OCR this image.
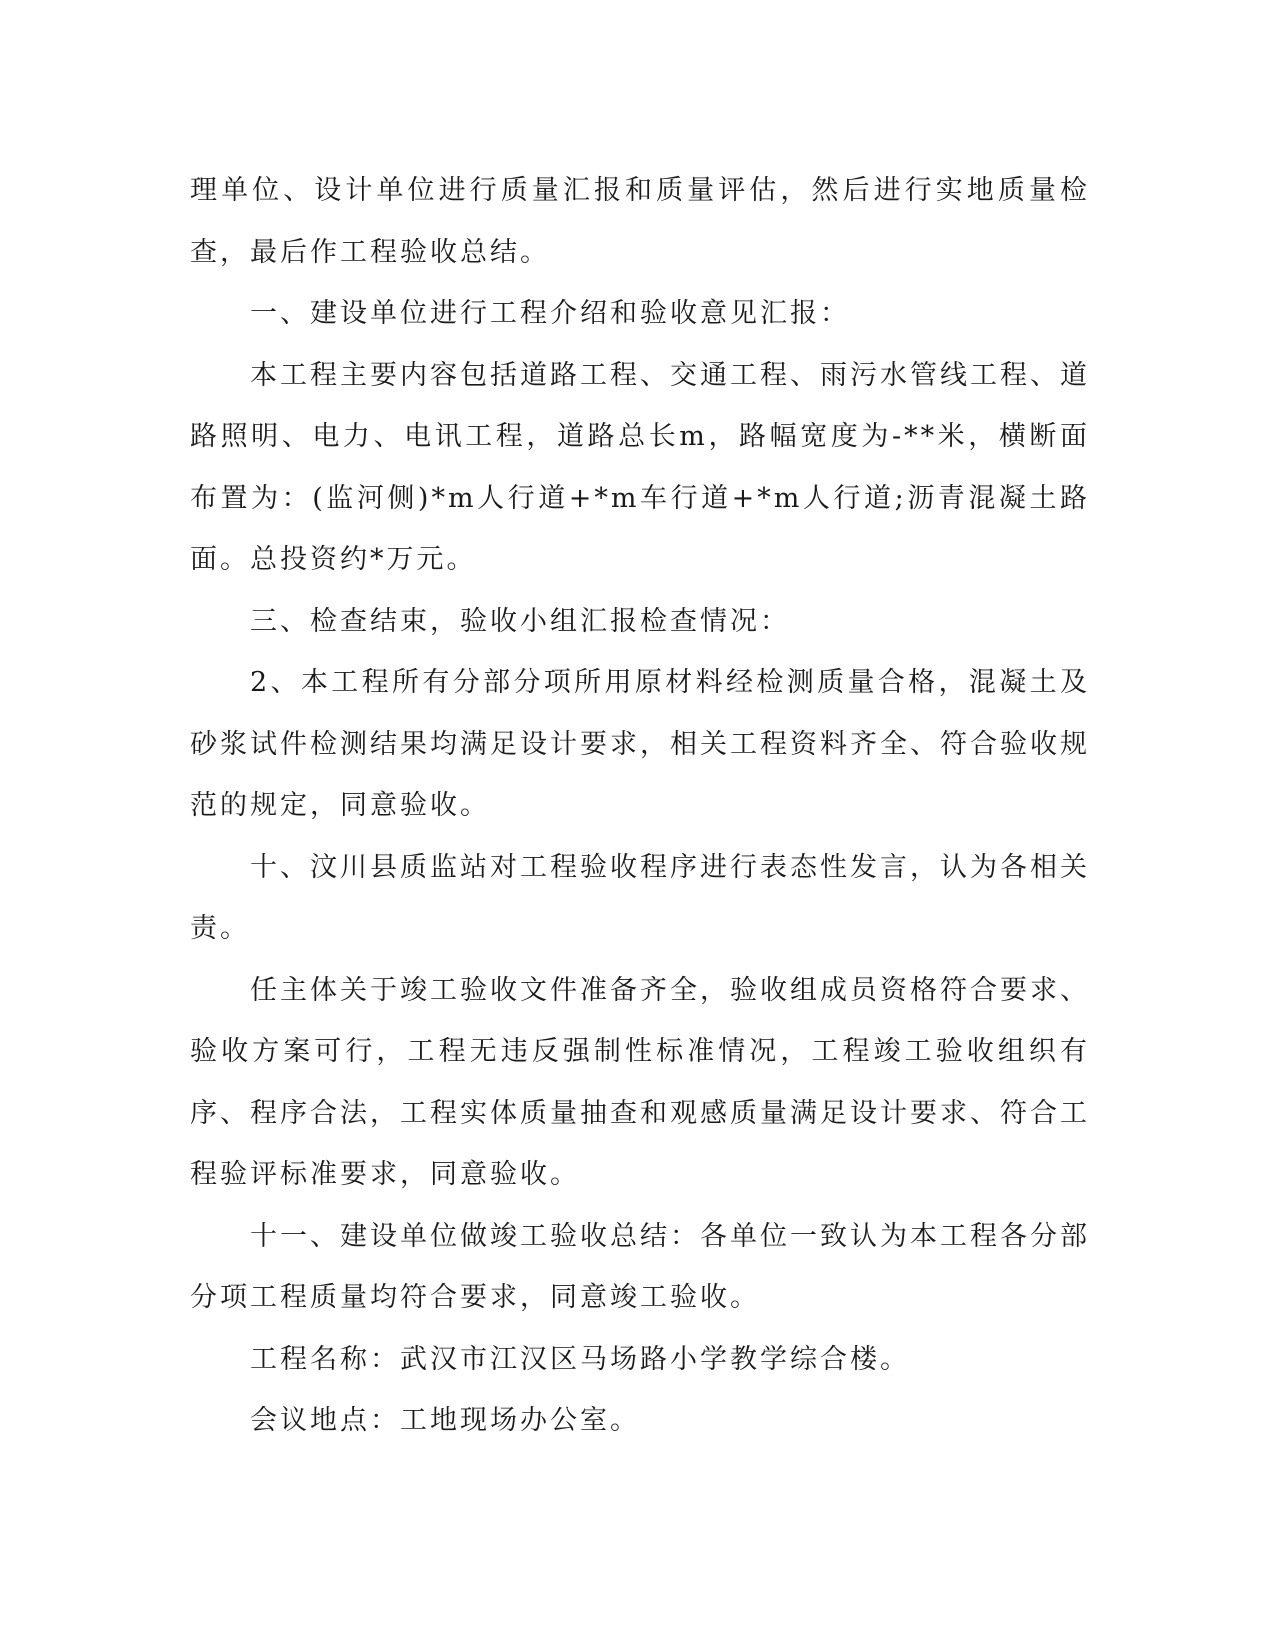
理单位、设计单位进行质量汇报和质量评估，然后进行实地质量检查，最后作工程验收总结。

一、建设单位进行工程介绍和验收意见汇报：

本工程主要内容包括道路工程、交通工程、雨污水管线工程、道路照明、电力、电讯工程，道路总长m，路幅宽度为-**米，横断面布置为：(监河侧)*m人行道+*m车行道+*m人行道;沥青混凝土路面。总投资约*万元。

三、检查结束，验收小组汇报检查情况：

2、本工程所有分部分项所用原材料经检测质量合格，混凝土及砂浆试件检测结果均满足设计要求，相关工程资料齐全、符合验收规范的规定，同意验收。

十、汶川县质监站对工程验收程序进行表态性发言，认为各相关责。

任主体关于竣工验收文件准备齐全，验收组成员资格符合要求、验收方案可行，工程无违反强制性标准情况，工程竣工验收组织有序、程序合法，工程实体质量抽查和观感质量满足设计要求、符合工程验评标准要求，同意验收。

十一、建设单位做竣工验收总结：各单位一致认为本工程各分部分项工程质量均符合要求，同意竣工验收。

工程名称：武汉市江汉区马场路小学教学综合楼。

会议地点：工地现场办公室。
